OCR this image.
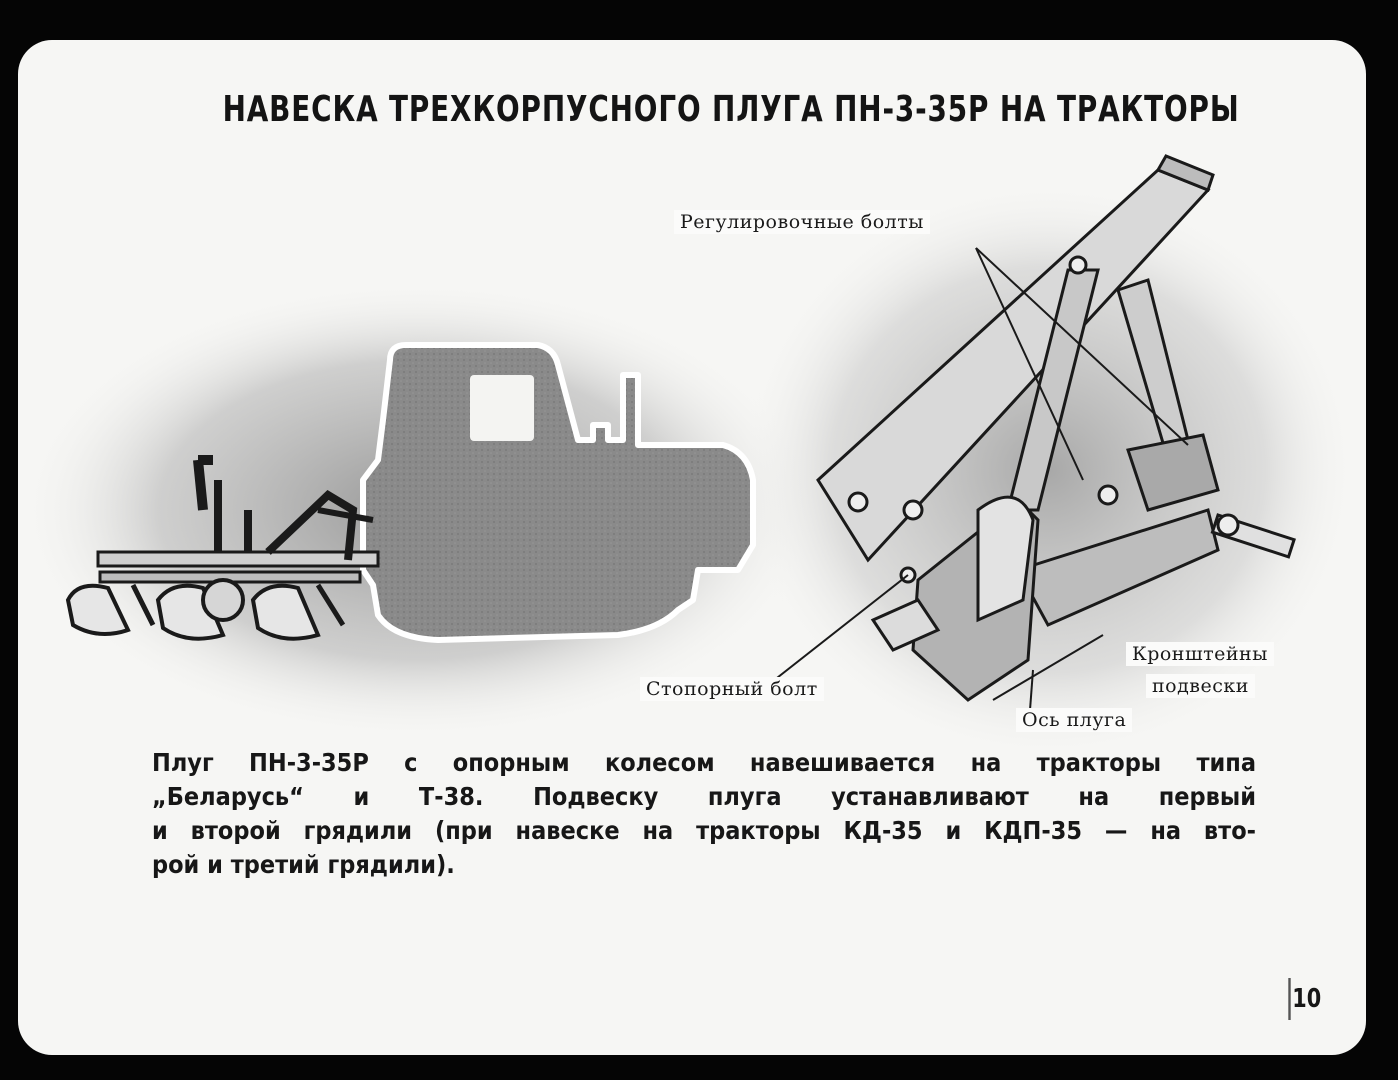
НАВЕСКА ТРЕХКОРПУСНОГО ПЛУГА ПН-3-35Р НА ТРАКТОРЫ
Регулировочные болты
Стопорный болт
Кронштейны
подвески
Ось плуга
Плуг ПН-3-35Р с опорным колесом навешивается на тракторы типа
„Беларусь“ и Т-38. Подвеску плуга устанавливают на первый
и второй грядили (при навеске на тракторы КД-35 и КДП-35 — на вто-
рой и третий грядили).
10
